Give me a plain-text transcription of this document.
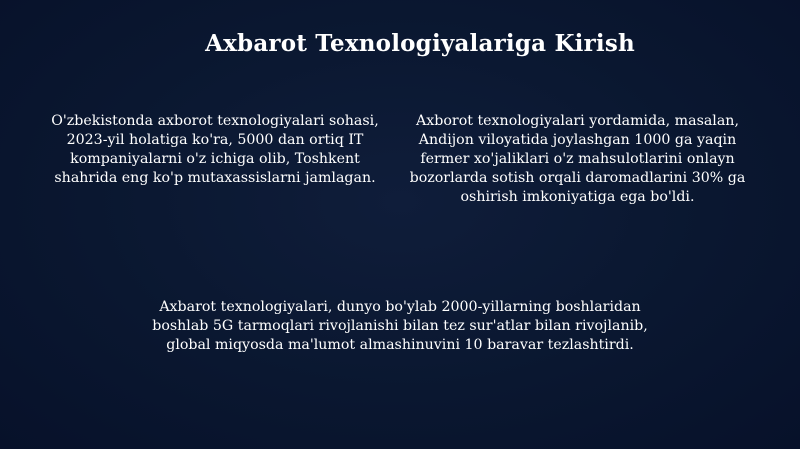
Axbarot Texnologiyalariga Kirish
O'zbekistonda axborot texnologiyalari sohasi, 2023-yil holatiga ko'ra, 5000 dan ortiq IT kompaniyalarni o'z ichiga olib, Toshkent shahrida eng ko'p mutaxassislarni jamlagan.
Axborot texnologiyalari yordamida, masalan, Andijon viloyatida joylashgan 1000 ga yaqin fermer xo'jaliklari o'z mahsulotlarini onlayn bozorlarda sotish orqali daromadlarini 30% ga oshirish imkoniyatiga ega bo'ldi.
Axbarot texnologiyalari, dunyo bo'ylab 2000-yillarning boshlaridan boshlab 5G tarmoqlari rivojlanishi bilan tez sur'atlar bilan rivojlanib, global miqyosda ma'lumot almashinuvini 10 baravar tezlashtirdi.
